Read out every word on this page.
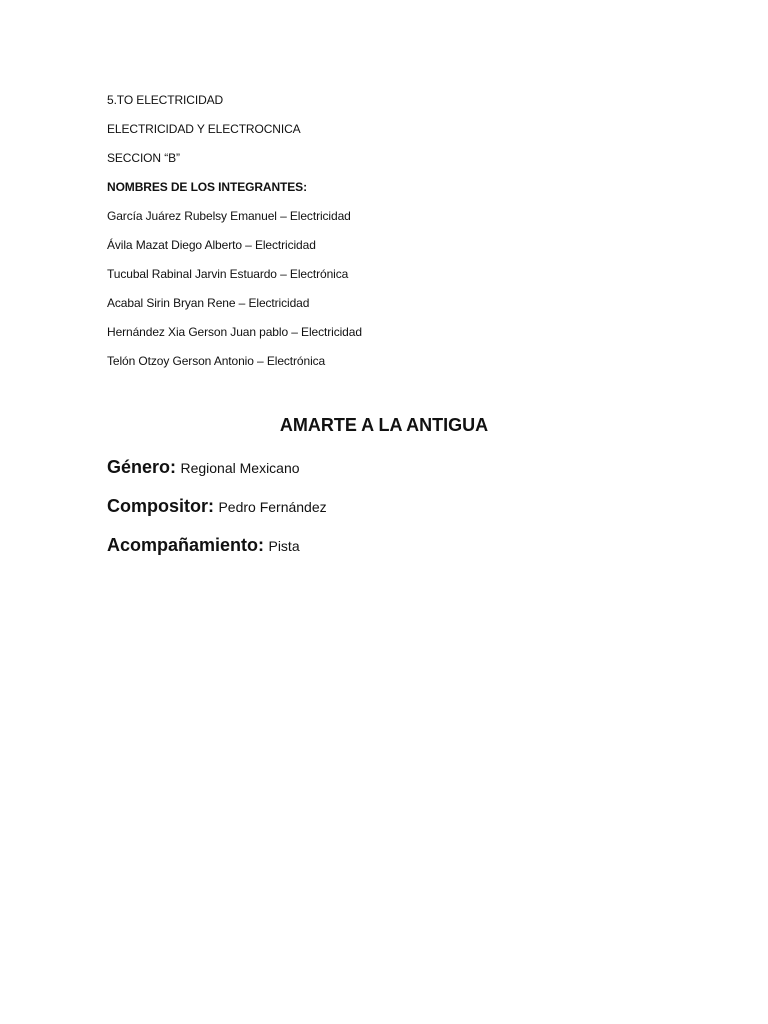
5.TO ELECTRICIDAD
ELECTRICIDAD Y ELECTROCNICA
SECCION “B”
NOMBRES DE LOS INTEGRANTES:
García Juárez Rubelsy Emanuel – Electricidad
Ávila Mazat Diego Alberto – Electricidad
Tucubal Rabinal Jarvin Estuardo – Electrónica
Acabal Sirin Bryan Rene – Electricidad
Hernández Xia Gerson Juan pablo – Electricidad
Telón Otzoy Gerson Antonio – Electrónica
AMARTE A LA ANTIGUA
Género: Regional Mexicano
Compositor: Pedro Fernández
Acompañamiento: Pista
